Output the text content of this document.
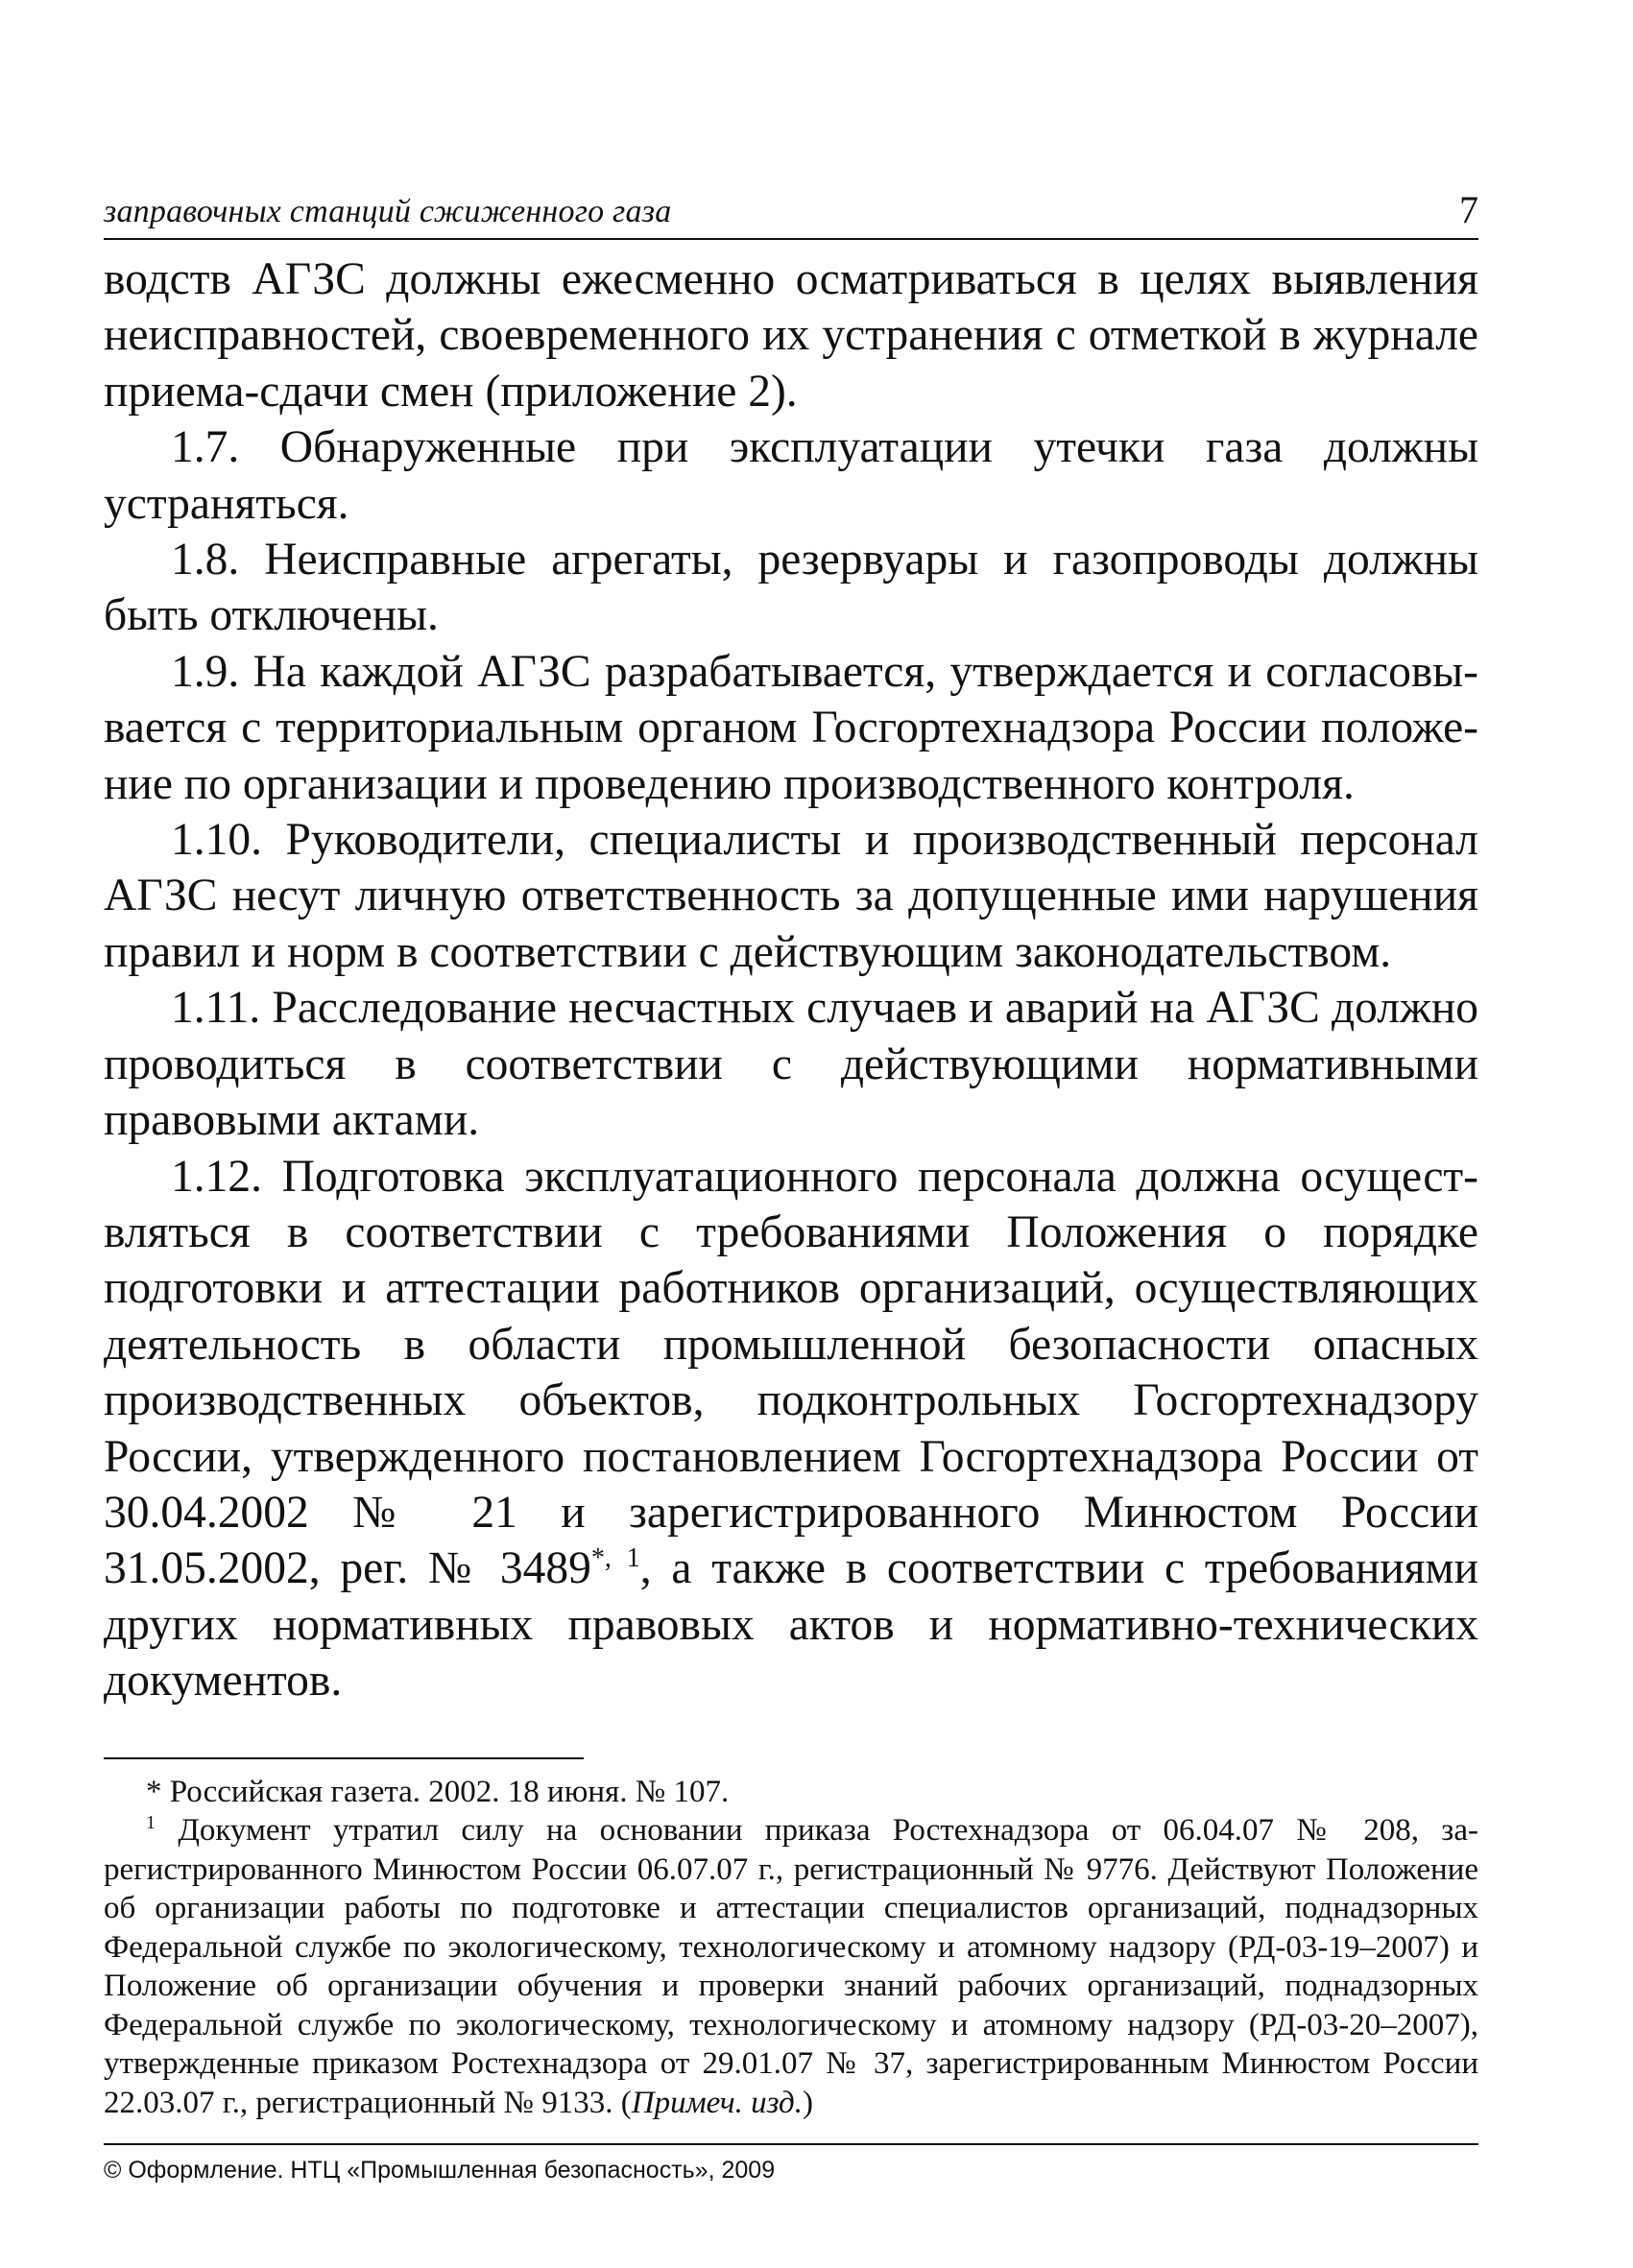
заправочных станций сжиженного газа	7

водств АГЗС должны ежесменно осматриваться в целях выявления неисправностей, своевременного их устранения с отметкой в журнале приема-сдачи смен (приложение 2).

1.7. Обнаруженные при эксплуатации утечки газа должны устраняться.

1.8. Неисправные агрегаты, резервуары и газопроводы должны быть отключены.

1.9. На каждой АГЗС разрабатывается, утверждается и согласовывается с территориальным органом Госгортехнадзора России положение по организации и проведению производственного контроля.

1.10. Руководители, специалисты и производственный персонал АГЗС несут личную ответственность за допущенные ими нарушения правил и норм в соответствии с действующим законодательством.

1.11. Расследование несчастных случаев и аварий на АГЗС должно проводиться в соответствии с действующими нормативными правовыми актами.

1.12. Подготовка эксплуатационного персонала должна осуществляться в соответствии с требованиями Положения о порядке подготовки и аттестации работников организаций, осуществляющих деятельность в области промышленной безопасности опасных производственных объектов, подконтрольных Госгортехнадзору России, утвержденного постановлением Госгортехнадзора России от 30.04.2002 № 21 и зарегистрированного Минюстом России 31.05.2002, рег. № $3489^{*, 1}$, а также в соответствии с требованиями других нормативных правовых актов и нормативно-технических документов.

* Российская газета. 2002. 18 июня. № 107.

$^1$ Документ утратил силу на основании приказа Ростехнадзора от 06.04.07 № 208, зарегистрированного Минюстом России 06.07.07 г., регистрационный № 9776. Действуют Положение об организации работы по подготовке и аттестации специалистов организаций, поднадзорных Федеральной службе по экологическому, технологическому и атомному надзору (РД-03-19–2007) и Положение об организации обучения и проверки знаний рабочих организаций, поднадзорных Федеральной службе по экологическому, технологическому и атомному надзору (РД-03-20–2007), утвержденные приказом Ростехнадзора от 29.01.07 № 37, зарегистрированным Минюстом России 22.03.07 г., регистрационный № 9133. (Примеч. изд.)

© Оформление. НТЦ «Промышленная безопасность», 2009
